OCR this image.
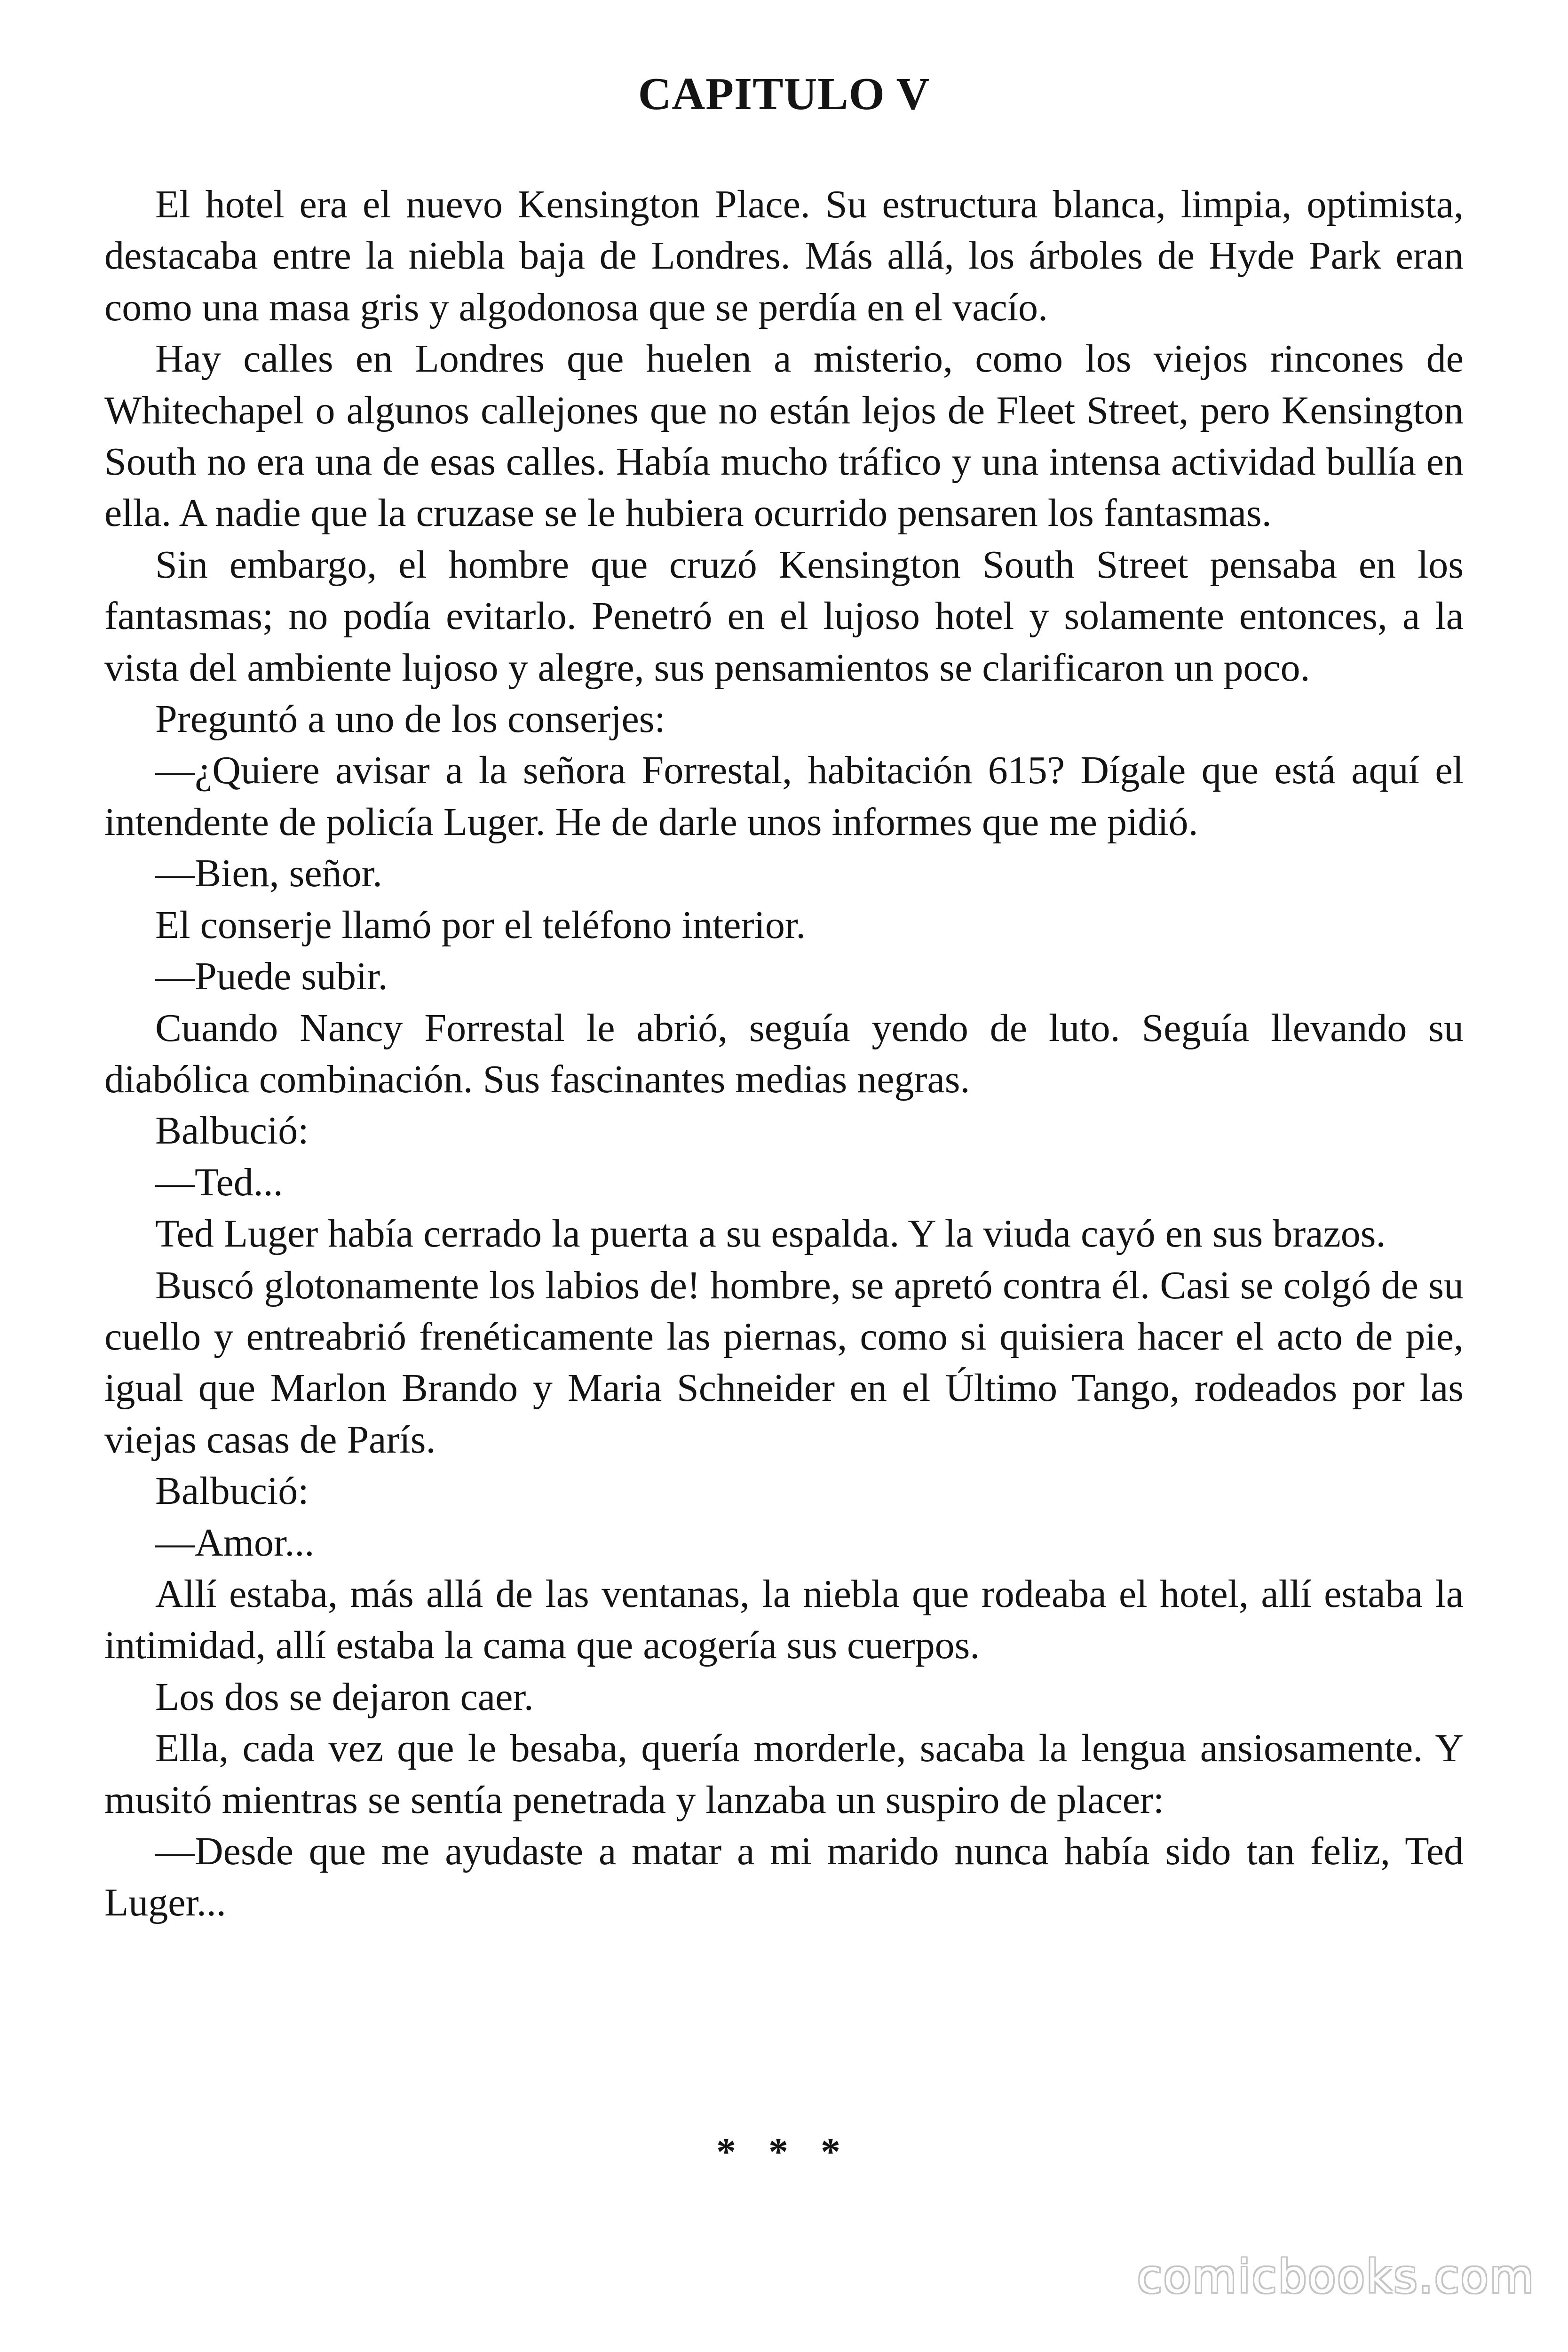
CAPITULO V

El hotel era el nuevo Kensington Place. Su estructura blanca, limpia, optimista, destacaba entre la niebla baja de Londres. Más allá, los árboles de Hyde Park eran como una masa gris y algodonosa que se perdía en el vacío.

Hay calles en Londres que huelen a misterio, como los viejos rincones de Whitechapel o algunos callejones que no están lejos de Fleet Street, pero Kensington South no era una de esas calles. Había mucho tráfico y una intensa actividad bullía en ella. A nadie que la cruzase se le hubiera ocurrido pensaren los fantasmas.

Sin embargo, el hombre que cruzó Kensington South Street pensaba en los fantasmas; no podía evitarlo. Penetró en el lujoso hotel y solamente entonces, a la vista del ambiente lujoso y alegre, sus pensamientos se clarificaron un poco.

Preguntó a uno de los conserjes:

—¿Quiere avisar a la señora Forrestal, habitación 615? Dígale que está aquí el intendente de policía Luger. He de darle unos informes que me pidió.

—Bien, señor.

El conserje llamó por el teléfono interior.

—Puede subir.

Cuando Nancy Forrestal le abrió, seguía yendo de luto. Seguía llevando su diabólica combinación. Sus fascinantes medias negras.

Balbució:

—Ted...

Ted Luger había cerrado la puerta a su espalda. Y la viuda cayó en sus brazos.

Buscó glotonamente los labios de! hombre, se apretó contra él. Casi se colgó de su cuello y entreabrió frenéticamente las piernas, como si quisiera hacer el acto de pie, igual que Marlon Brando y Maria Schneider en el Último Tango, rodeados por las viejas casas de París.

Balbució:

—Amor...

Allí estaba, más allá de las ventanas, la niebla que rodeaba el hotel, allí estaba la intimidad, allí estaba la cama que acogería sus cuerpos.

Los dos se dejaron caer.

Ella, cada vez que le besaba, quería morderle, sacaba la lengua ansiosamente. Y musitó mientras se sentía penetrada y lanzaba un suspiro de placer:

—Desde que me ayudaste a matar a mi marido nunca había sido tan feliz, Ted Luger...

* * *
comicbooks.com
